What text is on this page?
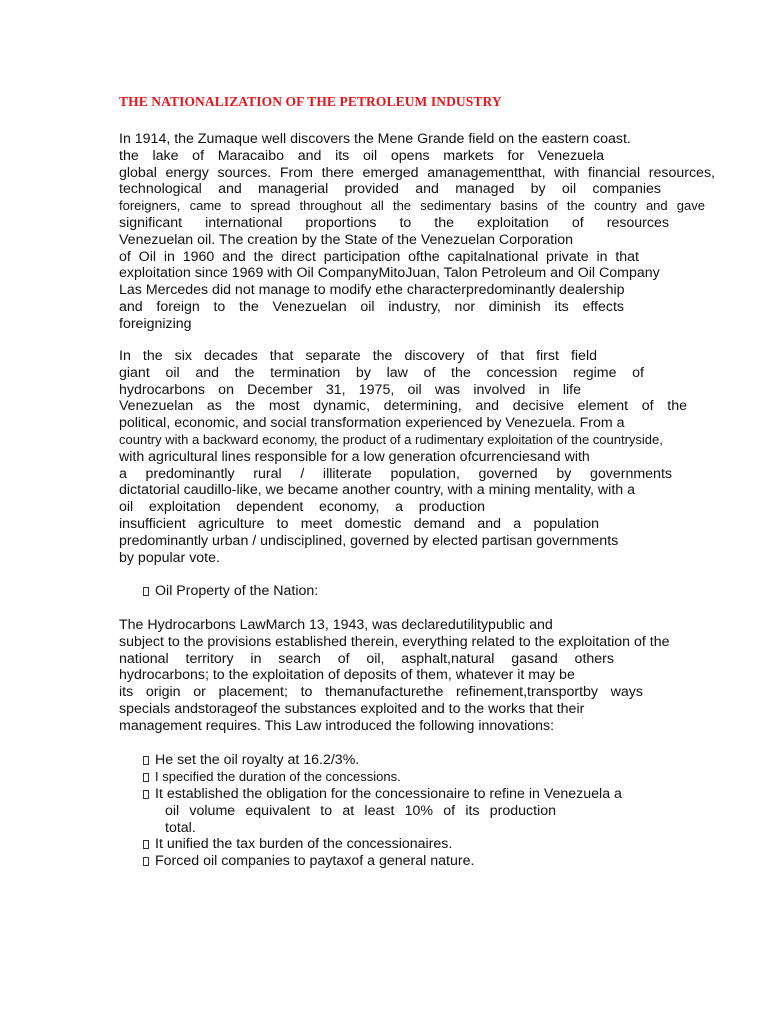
THE NATIONALIZATION OF THE PETROLEUM INDUSTRY
In 1914, the Zumaque well discovers the Mene Grande field on the eastern coast.
the lake of Maracaibo and its oil opens markets for Venezuela
global energy sources. From there emerged amanagementthat, with financial resources,
technological and managerial provided and managed by oil companies
foreigners, came to spread throughout all the sedimentary basins of the country and gave
significant international proportions to the exploitation of resources
Venezuelan oil. The creation by the State of the Venezuelan Corporation
of Oil in 1960 and the direct participation ofthe capitalnational private in that
exploitation since 1969 with Oil CompanyMitoJuan, Talon Petroleum and Oil Company
Las Mercedes did not manage to modify ethe characterpredominantly dealership
and foreign to the Venezuelan oil industry, nor diminish its effects
foreignizing
In the six decades that separate the discovery of that first field
giant oil and the termination by law of the concession regime of
hydrocarbons on December 31, 1975, oil was involved in life
Venezuelan as the most dynamic, determining, and decisive element of the
political, economic, and social transformation experienced by Venezuela. From a
country with a backward economy, the product of a rudimentary exploitation of the countryside,
with agricultural lines responsible for a low generation ofcurrenciesand with
a predominantly rural / illiterate population, governed by governments
dictatorial caudillo-like, we became another country, with a mining mentality, with a
oil exploitation dependent economy, a production
insufficient agriculture to meet domestic demand and a population
predominantly urban / undisciplined, governed by elected partisan governments
by popular vote.
Oil Property of the Nation:
The Hydrocarbons LawMarch 13, 1943, was declaredutilitypublic and
subject to the provisions established therein, everything related to the exploitation of the
national territory in search of oil, asphalt,natural gasand others
hydrocarbons; to the exploitation of deposits of them, whatever it may be
its origin or placement; to themanufacturethe refinement,transportby ways
specials andstorageof the substances exploited and to the works that their
management requires. This Law introduced the following innovations:
He set the oil royalty at 16.2/3%.
I specified the duration of the concessions.
It established the obligation for the concessionaire to refine in Venezuela a
oil volume equivalent to at least 10% of its production
total.
It unified the tax burden of the concessionaires.
Forced oil companies to paytaxof a general nature.
